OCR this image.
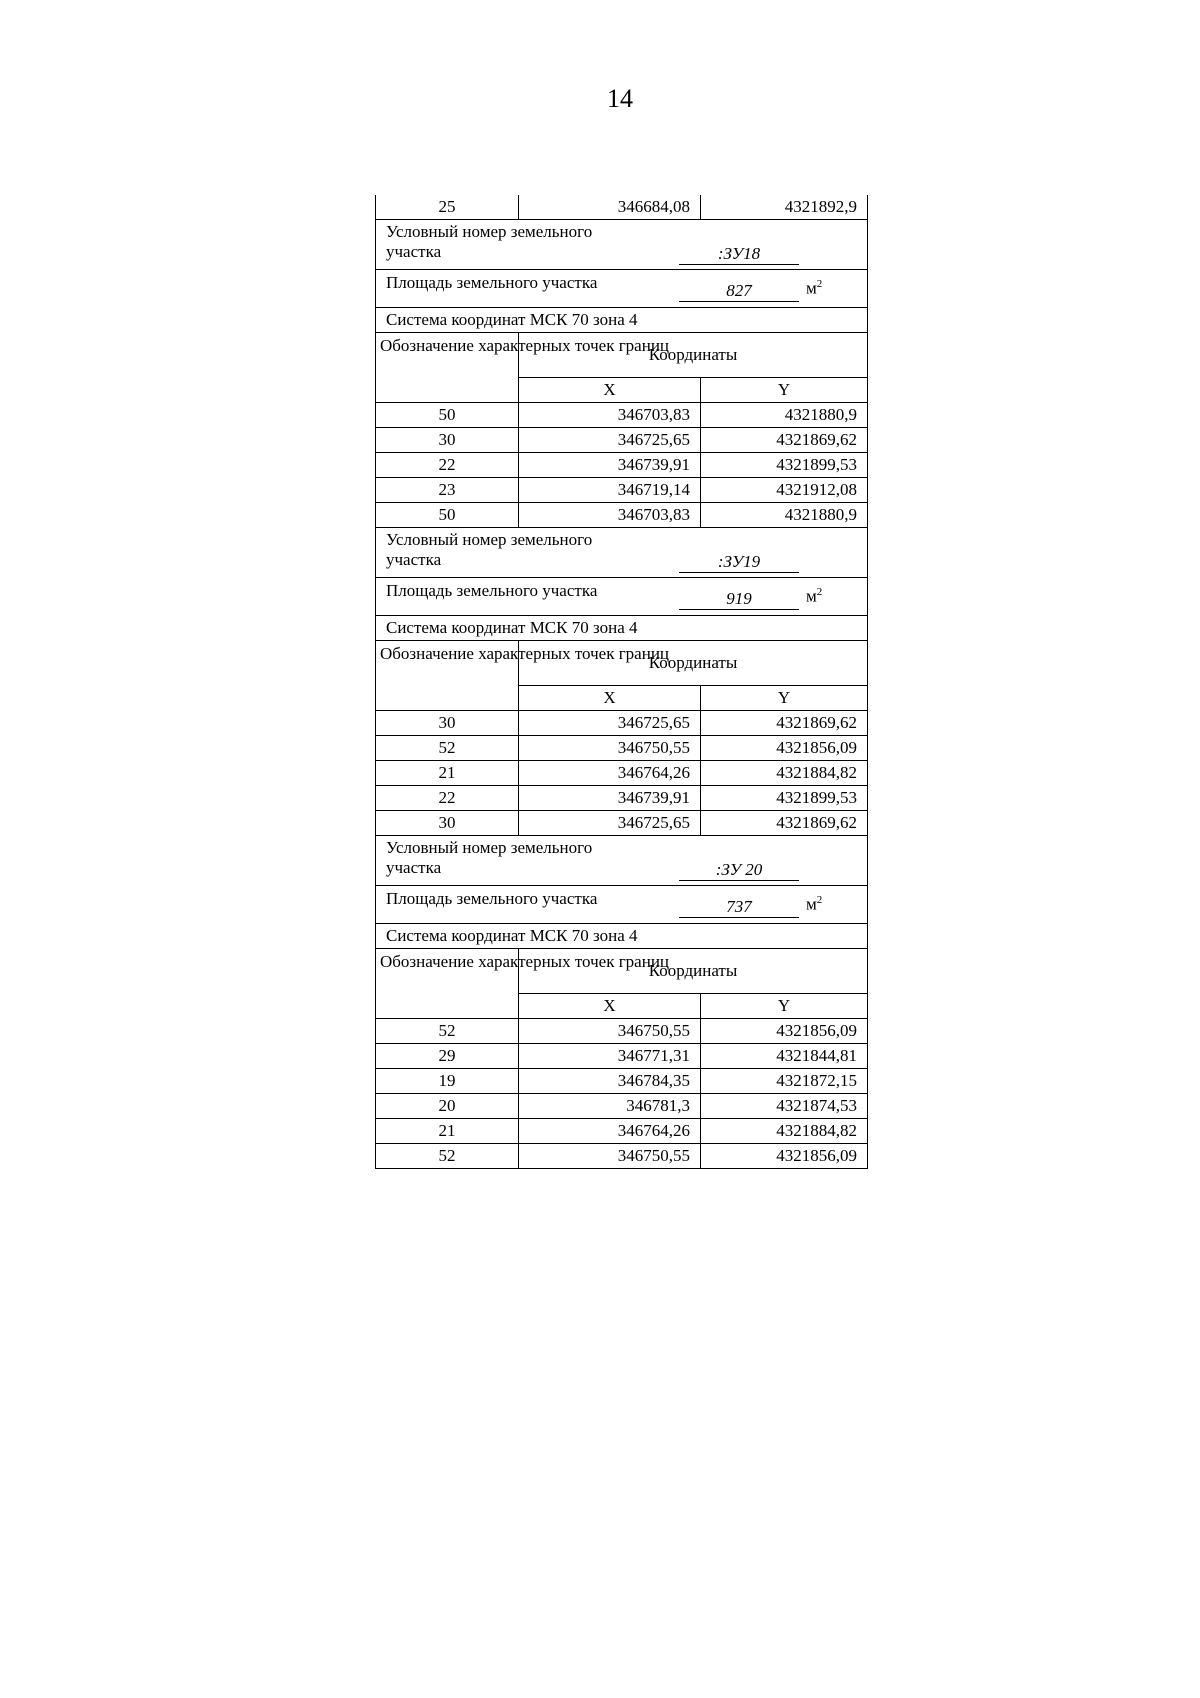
14
25	346684,08	4321892,9

Условный номер земельного участка :ЗУ18		

Площадь земельного участка 827 $м^2$

Система координат МСК 70 зона 4		
Обозначение характерных точек границ	Координаты	
	X	Y
50	346703,83	4321880,9
30	346725,65	4321869,62
22	346739,91	4321899,53
23	346719,14	4321912,08
50	346703,83	4321880,9

Условный номер земельного участка :ЗУ19		

Площадь земельного участка 919 $м^2$

Система координат МСК 70 зона 4		
Обозначение характерных точек границ	Координаты	
	X	Y
30	346725,65	4321869,62
52	346750,55	4321856,09
21	346764,26	4321884,82
22	346739,91	4321899,53
30	346725,65	4321869,62

Условный номер земельного участка :ЗУ 20		

Площадь земельного участка 737 $м^2$

Система координат МСК 70 зона 4		
Обозначение характерных точек границ	Координаты	
	X	Y
52	346750,55	4321856,09
29	346771,31	4321844,81
19	346784,35	4321872,15
20	346781,3	4321874,53
21	346764,26	4321884,82
52	346750,55	4321856,09
